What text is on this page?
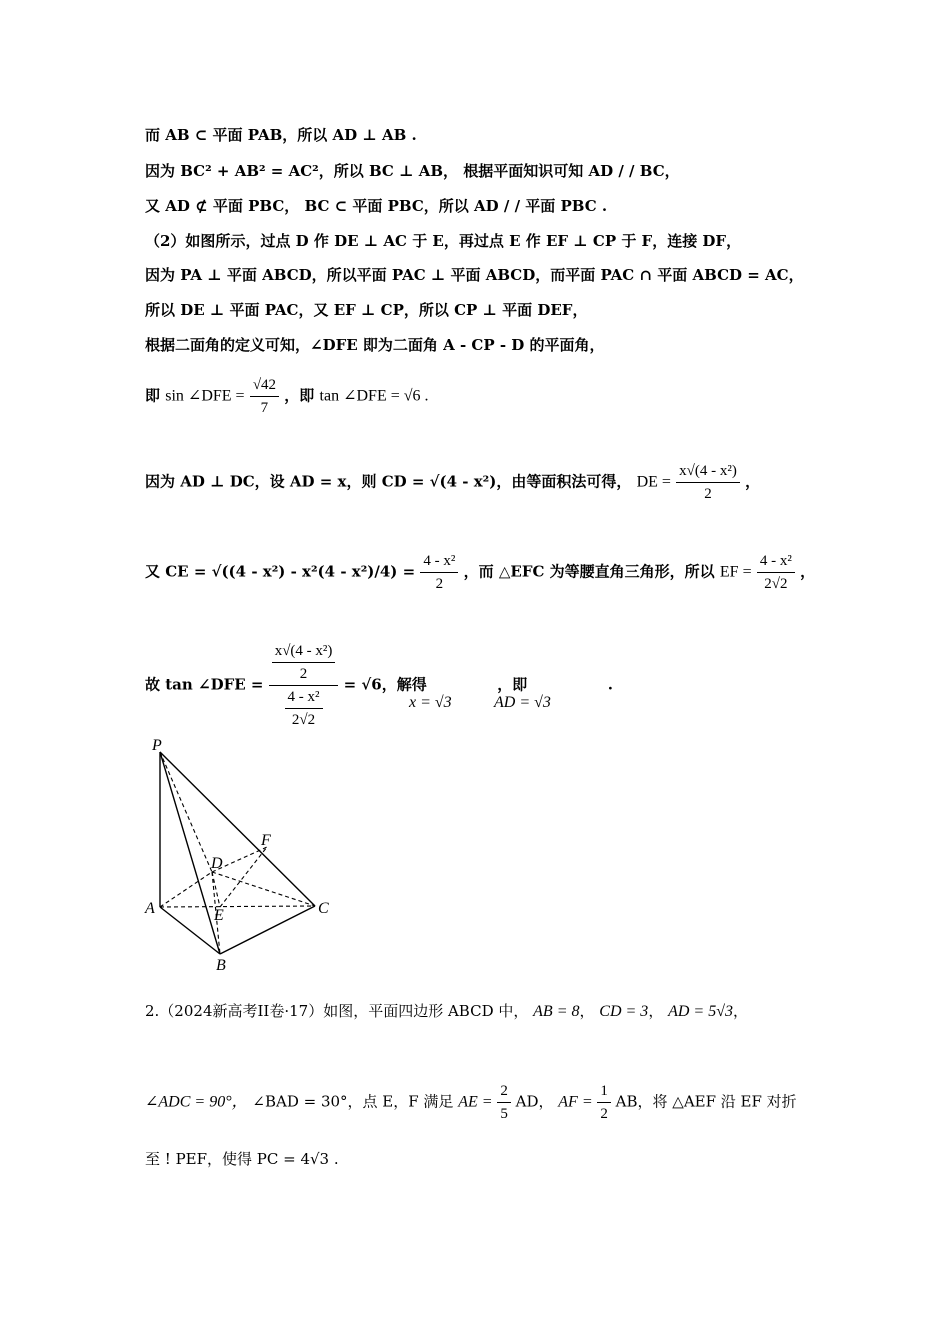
而 AB ⊂ 平面 PAB，所以 AD ⊥ AB .
因为 BC² + AB² = AC²，所以 BC ⊥ AB， 根据平面知识可知 AD / / BC，
又 AD ⊄ 平面 PBC， BC ⊂ 平面 PBC，所以 AD / / 平面 PBC .
（2）如图所示，过点 D 作 DE ⊥ AC 于 E，再过点 E 作 EF ⊥ CP 于 F，连接 DF，
因为 PA ⊥ 平面 ABCD，所以平面 PAC ⊥ 平面 ABCD，而平面 PAC ∩ 平面 ABCD = AC，
所以 DE ⊥ 平面 PAC，又 EF ⊥ CP，所以 CP ⊥ 平面 DEF，
根据二面角的定义可知，∠DFE 即为二面角 A - CP - D 的平面角，
即 sin ∠DFE = $\frac{√42}{7}$ ，即 tan ∠DFE = √6 .
因为 AD ⊥ DC，设 AD = x，则 CD = √(4 - x²)，由等面积法可得， DE = $\frac{\text{x√(4 - x²)}}{2}$ ，
又 CE = $√((4 - x^2) - x^2(4 - x^2)/4) = \frac{\text{4 - x²}}{2}$ ，而 △EFC 为等腰直角三角形，所以 EF = $\frac{\text{4 - x²}}{2√2}$ ，
故 tan ∠DFE = $\frac{\frac{\text{x√(4 - x²)}}{2}}{\frac{\text{4 - x²}}{2√2}} = √6$，解得	，即	.
x = √3	AD = √3
P
A
B
C
D
E
F
2.（2024新高考II卷·17）如图，平面四边形 ABCD 中， AB = 8， CD = 3， AD = 5√3，
∠ADC = 90°， ∠BAD = 30°，点 E，F 满足 AE = $\frac{2}{5}$ AD， AF = $\frac{1}{2}$ AB，将 △AEF 沿 EF 对折
至 ! PEF，使得 PC = 4√3 .
